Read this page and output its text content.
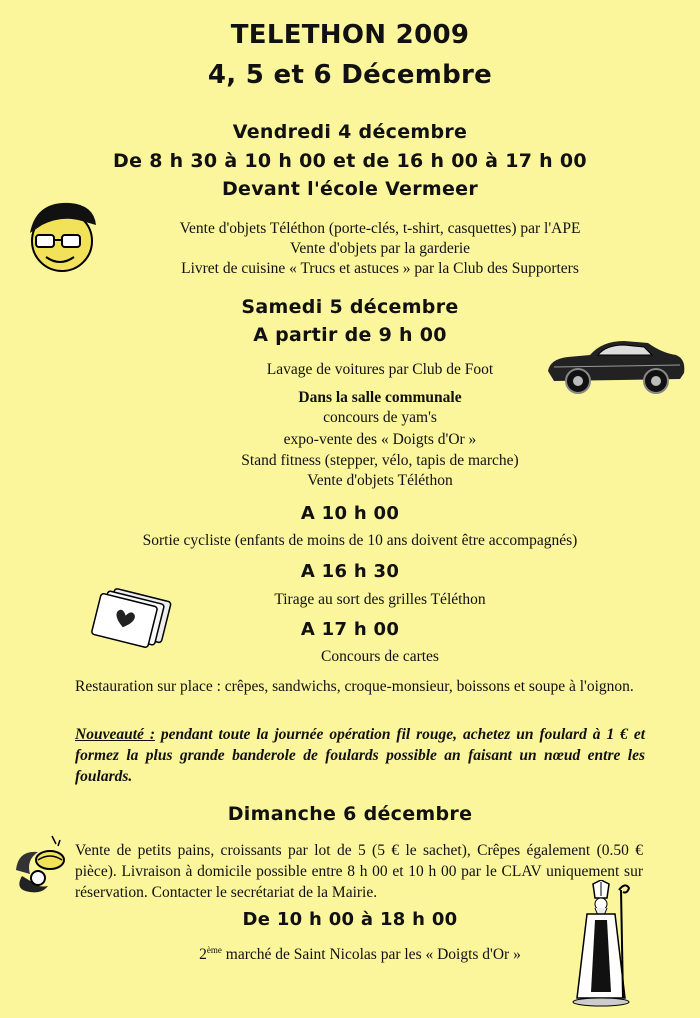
TELETHON 2009
4, 5 et 6 Décembre
Vendredi 4 décembre
De 8 h 30 à 10 h 00 et de 16 h 00 à 17 h 00
Devant l'école Vermeer
Vente d'objets Téléthon (porte-clés, t-shirt, casquettes) par l'APE
Vente d'objets par la garderie
Livret de cuisine « Trucs et astuces » par la Club des Supporters
Samedi 5 décembre
A partir de 9 h 00
Lavage de voitures par Club de Foot
Dans la salle communale
concours de yam's
expo-vente des « Doigts d'Or »
Stand fitness (stepper, vélo, tapis de marche)
Vente d'objets Téléthon
A 10 h 00
Sortie cycliste (enfants de moins de 10 ans doivent être accompagnés)
A 16 h 30
Tirage au sort des grilles Téléthon
A 17 h 00
Concours de cartes
Restauration sur place : crêpes, sandwichs, croque-monsieur, boissons et soupe à l'oignon.
Nouveauté : pendant toute la journée opération fil rouge, achetez un foulard à 1 € et formez la plus grande banderole de foulards possible an faisant un nœud entre les foulards.
Dimanche 6 décembre
Vente de petits pains, croissants par lot de 5 (5 € le sachet), Crêpes également (0.50 € pièce). Livraison à domicile possible entre 8 h 00 et 10 h 00 par le CLAV uniquement sur réservation. Contacter le secrétariat de la Mairie.
De 10 h 00 à 18 h 00
2ème marché de Saint Nicolas par les « Doigts d'Or »
